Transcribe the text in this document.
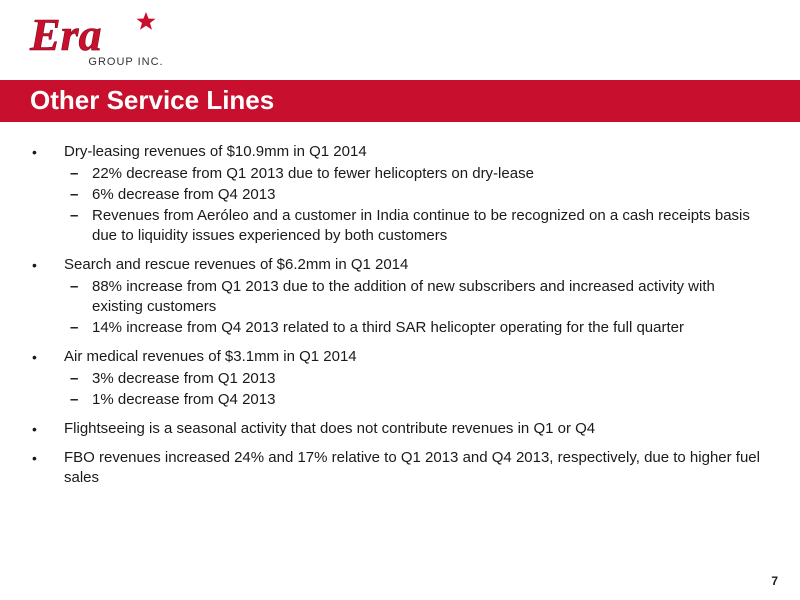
Era
GROUP INC.
Other Service Lines
• Dry-leasing revenues of $10.9mm in Q1 2014
– 22% decrease from Q1 2013 due to fewer helicopters on dry-lease
– 6% decrease from Q4 2013
– Revenues from Aeróleo and a customer in India continue to be recognized on a cash receipts basis due to liquidity issues experienced by both customers
• Search and rescue revenues of $6.2mm in Q1 2014
– 88% increase from Q1 2013 due to the addition of new subscribers and increased activity with existing customers
– 14% increase from Q4 2013 related to a third SAR helicopter operating for the full quarter
• Air medical revenues of $3.1mm in Q1 2014
– 3% decrease from Q1 2013
– 1% decrease from Q4 2013
• Flightseeing is a seasonal activity that does not contribute revenues in Q1 or Q4
• FBO revenues increased 24% and 17% relative to Q1 2013 and Q4 2013, respectively, due to higher fuel sales
7
